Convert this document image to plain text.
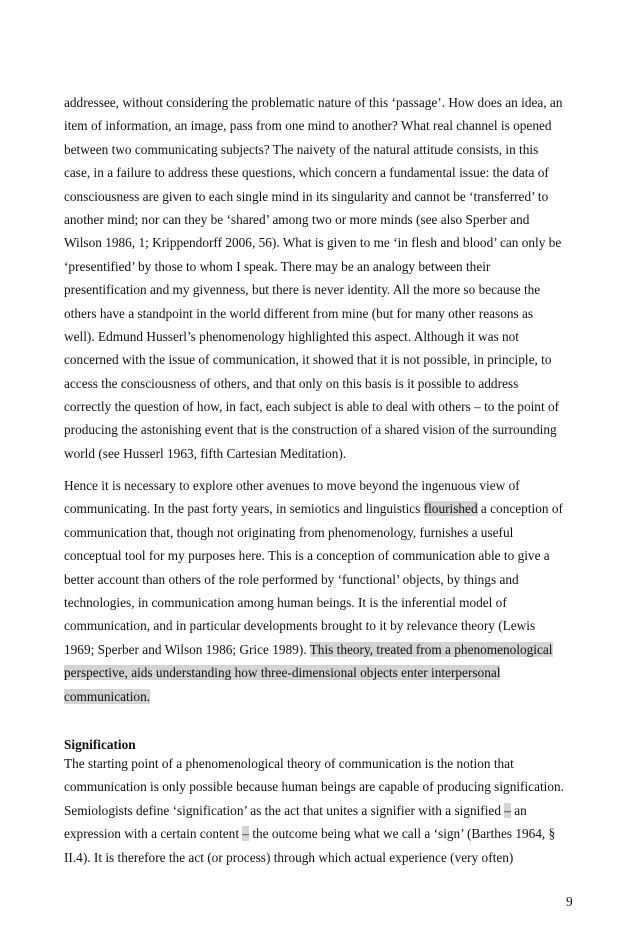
addressee, without considering the problematic nature of this ‘passage’. How does an idea, an
item of information, an image, pass from one mind to another? What real channel is opened
between two communicating subjects? The naivety of the natural attitude consists, in this
case, in a failure to address these questions, which concern a fundamental issue: the data of
consciousness are given to each single mind in its singularity and cannot be ‘transferred’ to
another mind; nor can they be ‘shared’ among two or more minds (see also Sperber and
Wilson 1986, 1; Krippendorff 2006, 56). What is given to me ‘in flesh and blood’ can only be
‘presentified’ by those to whom I speak. There may be an analogy between their
presentification and my givenness, but there is never identity. All the more so because the
others have a standpoint in the world different from mine (but for many other reasons as
well). Edmund Husserl’s phenomenology highlighted this aspect. Although it was not
concerned with the issue of communication, it showed that it is not possible, in principle, to
access the consciousness of others, and that only on this basis is it possible to address
correctly the question of how, in fact, each subject is able to deal with others – to the point of
producing the astonishing event that is the construction of a shared vision of the surrounding
world (see Husserl 1963, fifth Cartesian Meditation).
Hence it is necessary to explore other avenues to move beyond the ingenuous view of
communicating. In the past forty years, in semiotics and linguistics flourished a conception of
communication that, though not originating from phenomenology, furnishes a useful
conceptual tool for my purposes here. This is a conception of communication able to give a
better account than others of the role performed by ‘functional’ objects, by things and
technologies, in communication among human beings. It is the inferential model of
communication, and in particular developments brought to it by relevance theory (Lewis
1969; Sperber and Wilson 1986; Grice 1989). This theory, treated from a phenomenological
perspective, aids understanding how three-dimensional objects enter interpersonal
communication.
Signification
The starting point of a phenomenological theory of communication is the notion that
communication is only possible because human beings are capable of producing signification.
Semiologists define ‘signification’ as the act that unites a signifier with a signified – an
expression with a certain content – the outcome being what we call a ‘sign’ (Barthes 1964, §
II.4). It is therefore the act (or process) through which actual experience (very often)
9
